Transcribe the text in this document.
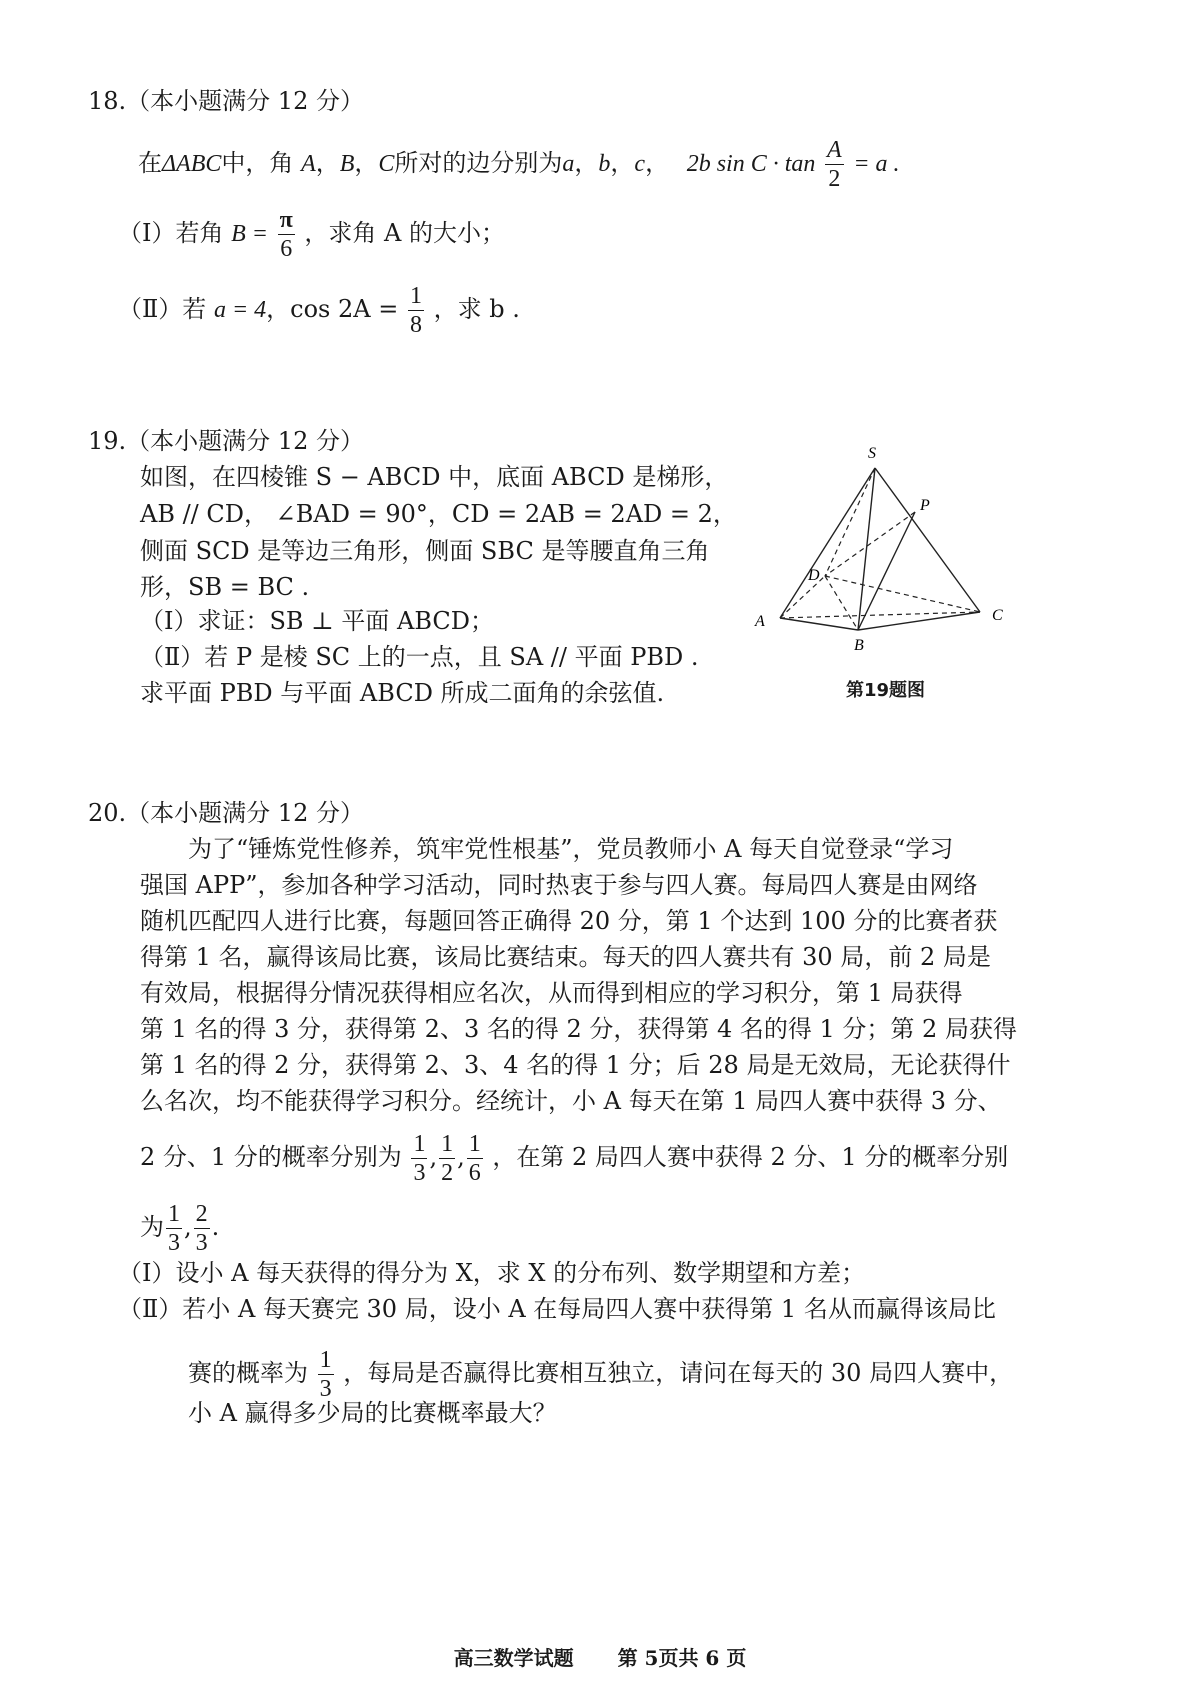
18.（本小题满分 12 分）
在ΔABC中，角 A，B，C所对的边分别为a，b，c， 2b $\sin C \cdot \tan \frac{A}{2} = a$ .
（Ⅰ）若角 $B = \frac{\pi}{6}$ ，求角 A 的大小；
（Ⅱ）若 a = 4，$\cos 2A = \frac{1}{8}$ ，求 b .
19.（本小题满分 12 分）
如图，在四棱锥 S − ABCD 中，底面 ABCD 是梯形，
AB // CD， ∠BAD = 90°，CD = 2AB = 2AD = 2，
侧面 SCD 是等边三角形，侧面 SBC 是等腰直角三角
形，SB = BC .
（Ⅰ）求证：SB ⊥ 平面 ABCD；
（Ⅱ）若 P 是棱 SC 上的一点，且 SA // 平面 PBD .
求平面 PBD 与平面 ABCD 所成二面角的余弦值.
S
P
D
A
B
C
第19题图
20.（本小题满分 12 分）
为了“锤炼党性修养，筑牢党性根基”，党员教师小 A 每天自觉登录“学习
强国 APP”，参加各种学习活动，同时热衷于参与四人赛。每局四人赛是由网络
随机匹配四人进行比赛，每题回答正确得 20 分，第 1 个达到 100 分的比赛者获
得第 1 名，赢得该局比赛，该局比赛结束。每天的四人赛共有 30 局，前 2 局是
有效局，根据得分情况获得相应名次，从而得到相应的学习积分，第 1 局获得
第 1 名的得 3 分，获得第 2、3 名的得 2 分，获得第 4 名的得 1 分；第 2 局获得
第 1 名的得 2 分，获得第 2、3、4 名的得 1 分；后 28 局是无效局，无论获得什
么名次，均不能获得学习积分。经统计，小 A 每天在第 1 局四人赛中获得 3 分、
2 分、1 分的概率分别为 $\frac{1}{3}$ , $\frac{1}{2}$ , $\frac{1}{6}$ ，在第 2 局四人赛中获得 2 分、1 分的概率分别
为 $\frac{1}{3}$ , $\frac{2}{3}$ .
（Ⅰ）设小 A 每天获得的得分为 X，求 X 的分布列、数学期望和方差；
（Ⅱ）若小 A 每天赛完 30 局，设小 A 在每局四人赛中获得第 1 名从而赢得该局比
赛的概率为 $\frac{1}{3}$ ，每局是否赢得比赛相互独立，请问在每天的 30 局四人赛中，
小 A 赢得多少局的比赛概率最大？
高三数学试题 第 5页共 6 页
